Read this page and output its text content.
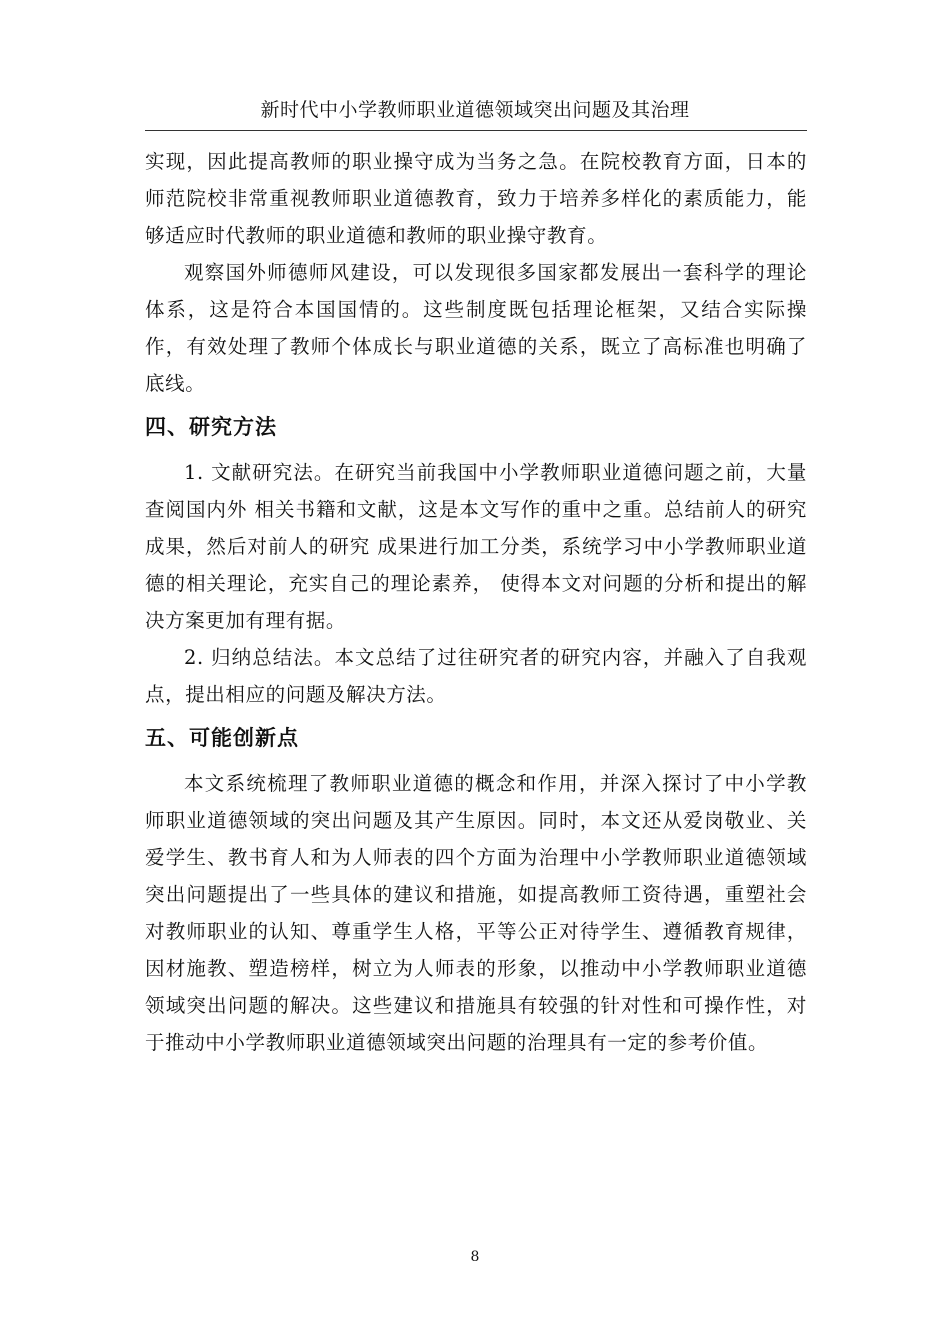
新时代中小学教师职业道德领域突出问题及其治理

实现，因此提高教师的职业操守成为当务之急。在院校教育方面，日本的师范院校非常重视教师职业道德教育，致力于培养多样化的素质能力，能够适应时代教师的职业道德和教师的职业操守教育。

观察国外师德师风建设，可以发现很多国家都发展出一套科学的理论体系，这是符合本国国情的。这些制度既包括理论框架，又结合实际操作，有效处理了教师个体成长与职业道德的关系，既立了高标准也明确了底线。

四、研究方法

1. 文献研究法。在研究当前我国中小学教师职业道德问题之前，大量查阅国内外 相关书籍和文献，这是本文写作的重中之重。总结前人的研究成果，然后对前人的研究 成果进行加工分类，系统学习中小学教师职业道德的相关理论，充实自己的理论素养， 使得本文对问题的分析和提出的解决方案更加有理有据。

2. 归纳总结法。本文总结了过往研究者的研究内容，并融入了自我观点，提出相应的问题及解决方法。

五、可能创新点

本文系统梳理了教师职业道德的概念和作用，并深入探讨了中小学教师职业道德领域的突出问题及其产生原因。同时，本文还从爱岗敬业、关爱学生、教书育人和为人师表的四个方面为治理中小学教师职业道德领域突出问题提出了一些具体的建议和措施，如提高教师工资待遇，重塑社会对教师职业的认知、尊重学生人格，平等公正对待学生、遵循教育规律，因材施教、塑造榜样，树立为人师表的形象，以推动中小学教师职业道德领域突出问题的解决。这些建议和措施具有较强的针对性和可操作性，对于推动中小学教师职业道德领域突出问题的治理具有一定的参考价值。

8
